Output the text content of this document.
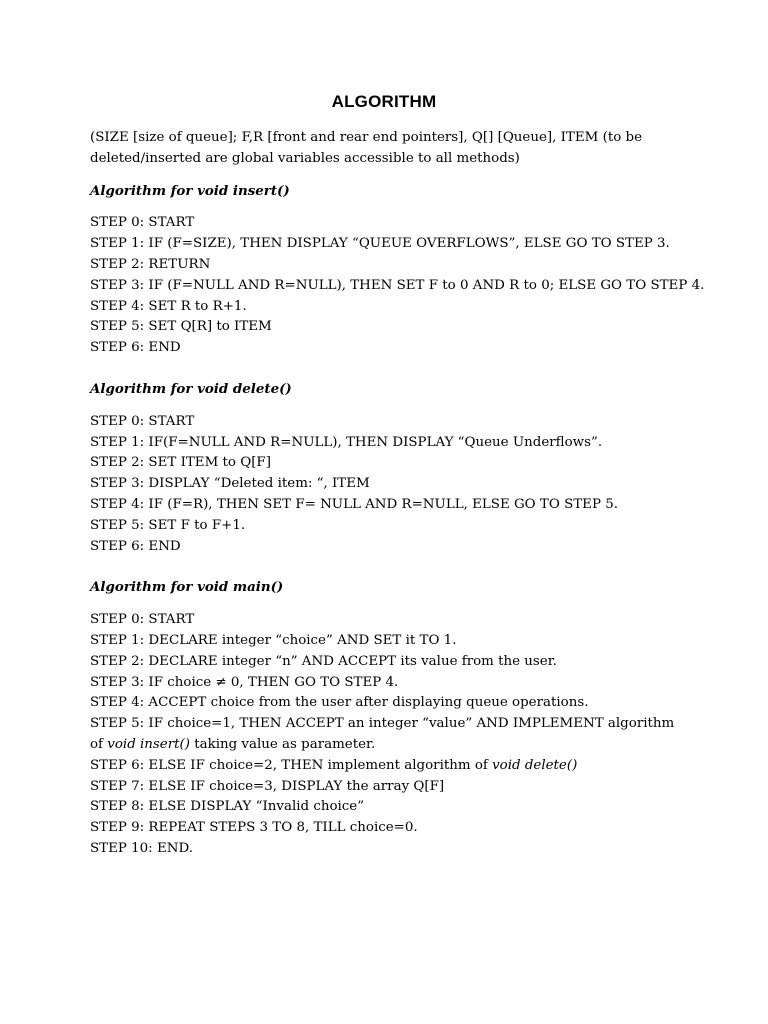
ALGORITHM

(SIZE [size of queue]; F,R [front and rear end pointers], Q[] [Queue], ITEM (to be deleted/inserted are global variables accessible to all methods)

Algorithm for void insert()

STEP 0: START

STEP 1: IF (F=SIZE), THEN DISPLAY “QUEUE OVERFLOWS”, ELSE GO TO STEP 3.

STEP 2: RETURN

STEP 3: IF (F=NULL AND R=NULL), THEN SET F to 0 AND R to 0; ELSE GO TO STEP 4.

STEP 4: SET R to R+1.

STEP 5: SET Q[R] to ITEM

STEP 6: END

Algorithm for void delete()

STEP 0: START

STEP 1: IF(F=NULL AND R=NULL), THEN DISPLAY “Queue Underflows”.

STEP 2: SET ITEM to Q[F]

STEP 3: DISPLAY “Deleted item: “, ITEM

STEP 4: IF (F=R), THEN SET F= NULL AND R=NULL, ELSE GO TO STEP 5.

STEP 5: SET F to F+1.

STEP 6: END

Algorithm for void main()

STEP 0: START

STEP 1: DECLARE integer “choice” AND SET it TO 1.

STEP 2: DECLARE integer “n” AND ACCEPT its value from the user.

STEP 3: IF choice ≠ 0, THEN GO TO STEP 4.

STEP 4: ACCEPT choice from the user after displaying queue operations.

STEP 5: IF choice=1, THEN ACCEPT an integer “value” AND IMPLEMENT algorithm of void insert() taking value as parameter.

STEP 6: ELSE IF choice=2, THEN implement algorithm of void delete()

STEP 7: ELSE IF choice=3, DISPLAY the array Q[F]

STEP 8: ELSE DISPLAY “Invalid choice”

STEP 9: REPEAT STEPS 3 TO 8, TILL choice=0.

STEP 10: END.
